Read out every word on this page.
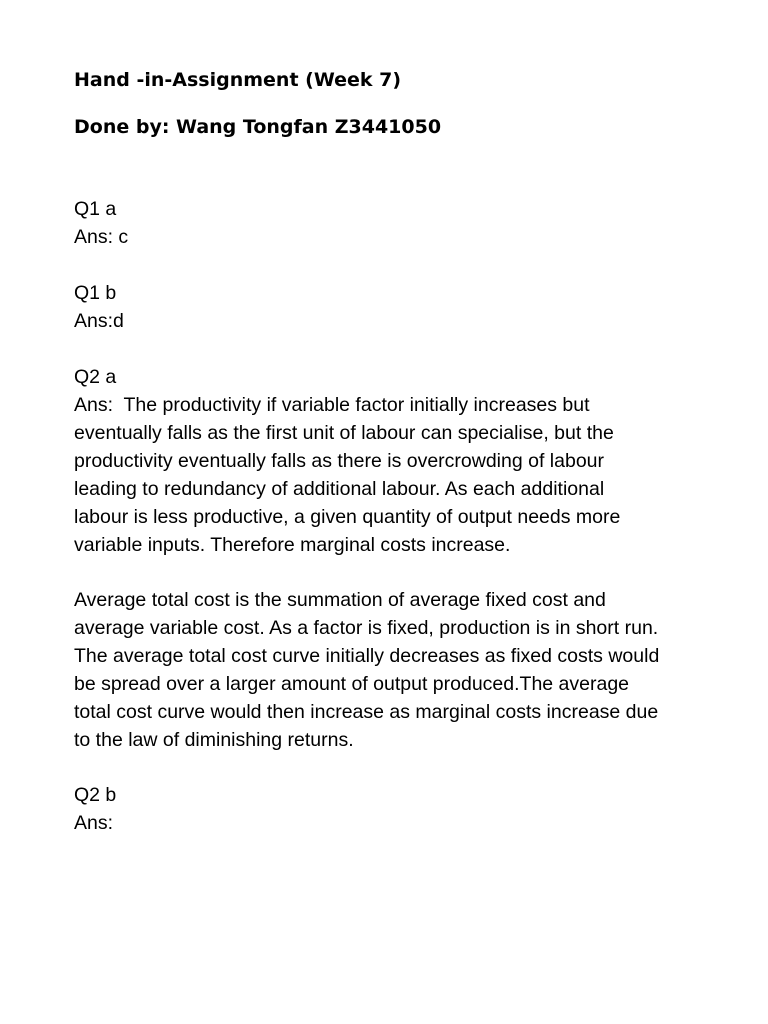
Hand -in-Assignment (Week 7)
Done by: Wang Tongfan Z3441050
Q1 a
Ans: c
Q1 b
Ans:d
Q2 a
Ans:  The productivity if variable factor initially increases but
eventually falls as the first unit of labour can specialise, but the
productivity eventually falls as there is overcrowding of labour
leading to redundancy of additional labour. As each additional
labour is less productive, a given quantity of output needs more
variable inputs. Therefore marginal costs increase.
Average total cost is the summation of average fixed cost and
average variable cost. As a factor is fixed, production is in short run.
The average total cost curve initially decreases as fixed costs would
be spread over a larger amount of output produced.The average
total cost curve would then increase as marginal costs increase due
to the law of diminishing returns.
Q2 b
Ans:
